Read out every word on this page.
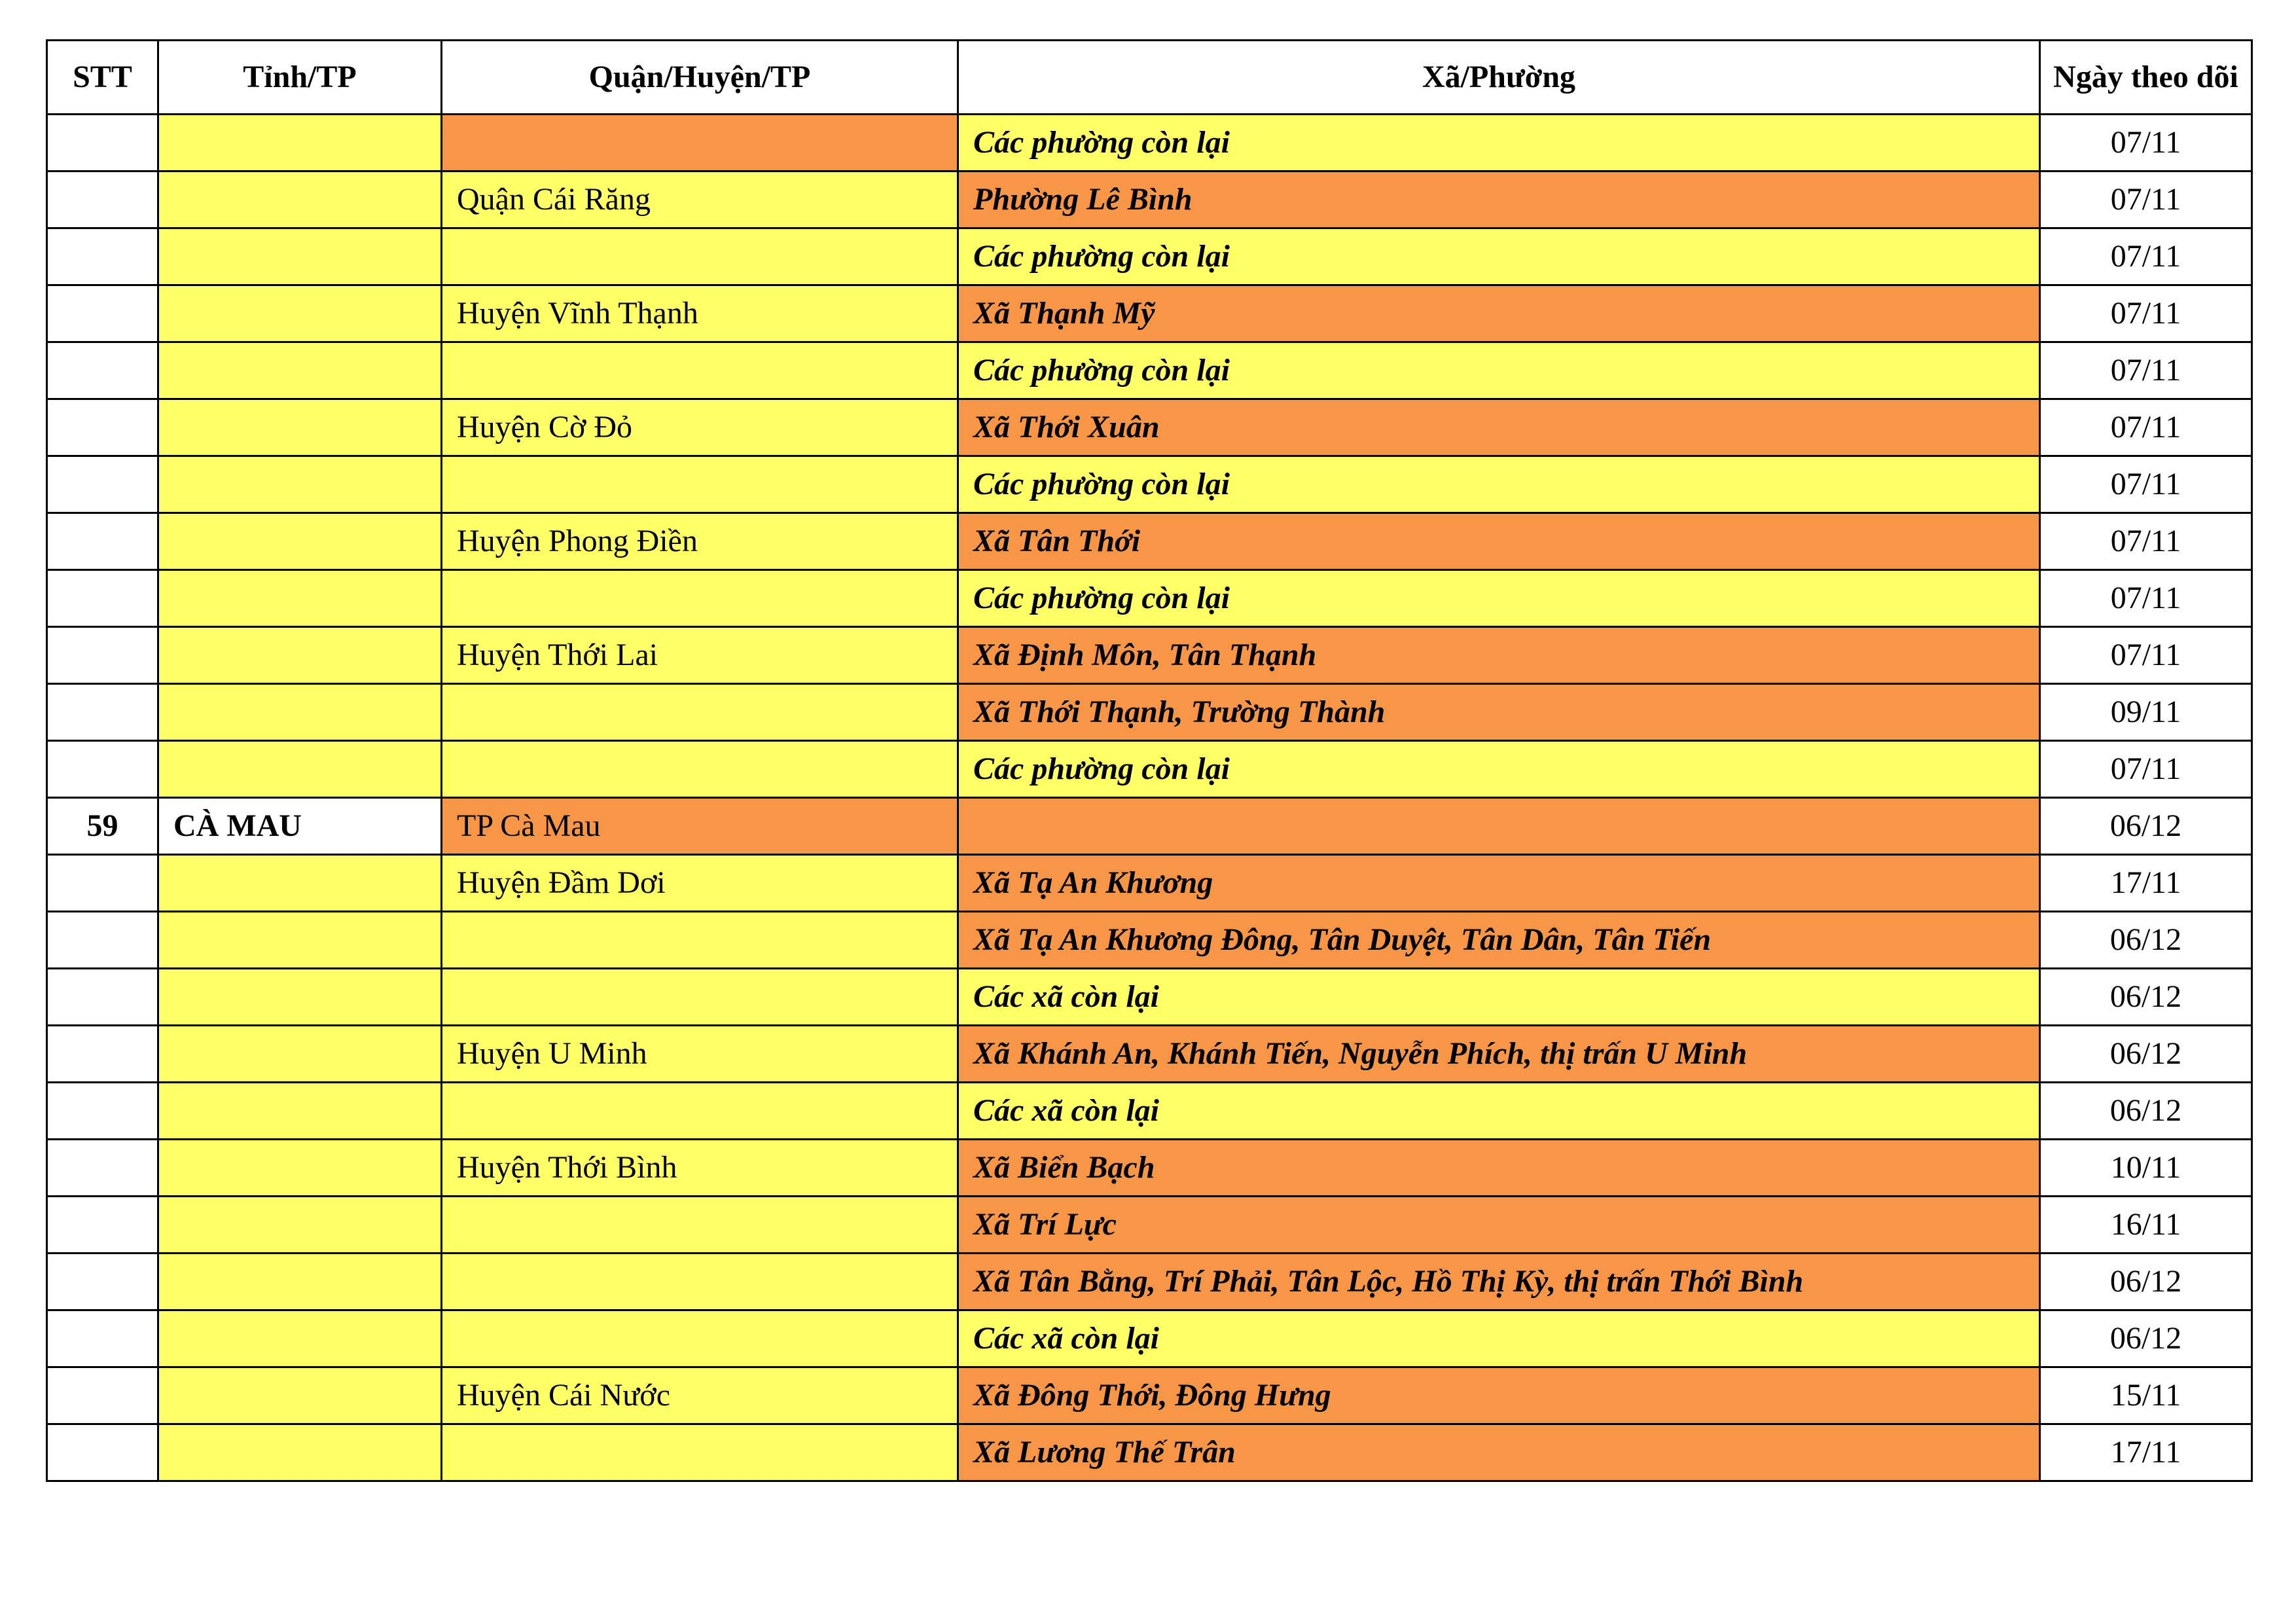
STT	Tỉnh/TP	Quận/Huyện/TP	Xã/Phường	Ngày theo dõi
			Các phường còn lại	07/11
		Quận Cái Răng	Phường Lê Bình	07/11
			Các phường còn lại	07/11
		Huyện Vĩnh Thạnh	Xã Thạnh Mỹ	07/11
			Các phường còn lại	07/11
		Huyện Cờ Đỏ	Xã Thới Xuân	07/11
			Các phường còn lại	07/11
		Huyện Phong Điền	Xã Tân Thới	07/11
			Các phường còn lại	07/11
		Huyện Thới Lai	Xã Định Môn, Tân Thạnh	07/11
			Xã Thới Thạnh, Trường Thành	09/11
			Các phường còn lại	07/11
59	CÀ MAU	TP Cà Mau		06/12
		Huyện Đầm Dơi	Xã Tạ An Khương	17/11
			Xã Tạ An Khương Đông, Tân Duyệt, Tân Dân, Tân Tiến	06/12
			Các xã còn lại	06/12
		Huyện U Minh	Xã Khánh An, Khánh Tiến, Nguyễn Phích, thị trấn U Minh	06/12
			Các xã còn lại	06/12
		Huyện Thới Bình	Xã Biển Bạch	10/11
			Xã Trí Lực	16/11
			Xã Tân Bằng, Trí Phải, Tân Lộc, Hồ Thị Kỳ, thị trấn Thới Bình	06/12
			Các xã còn lại	06/12
		Huyện Cái Nước	Xã Đông Thới, Đông Hưng	15/11
			Xã Lương Thế Trân	17/11
